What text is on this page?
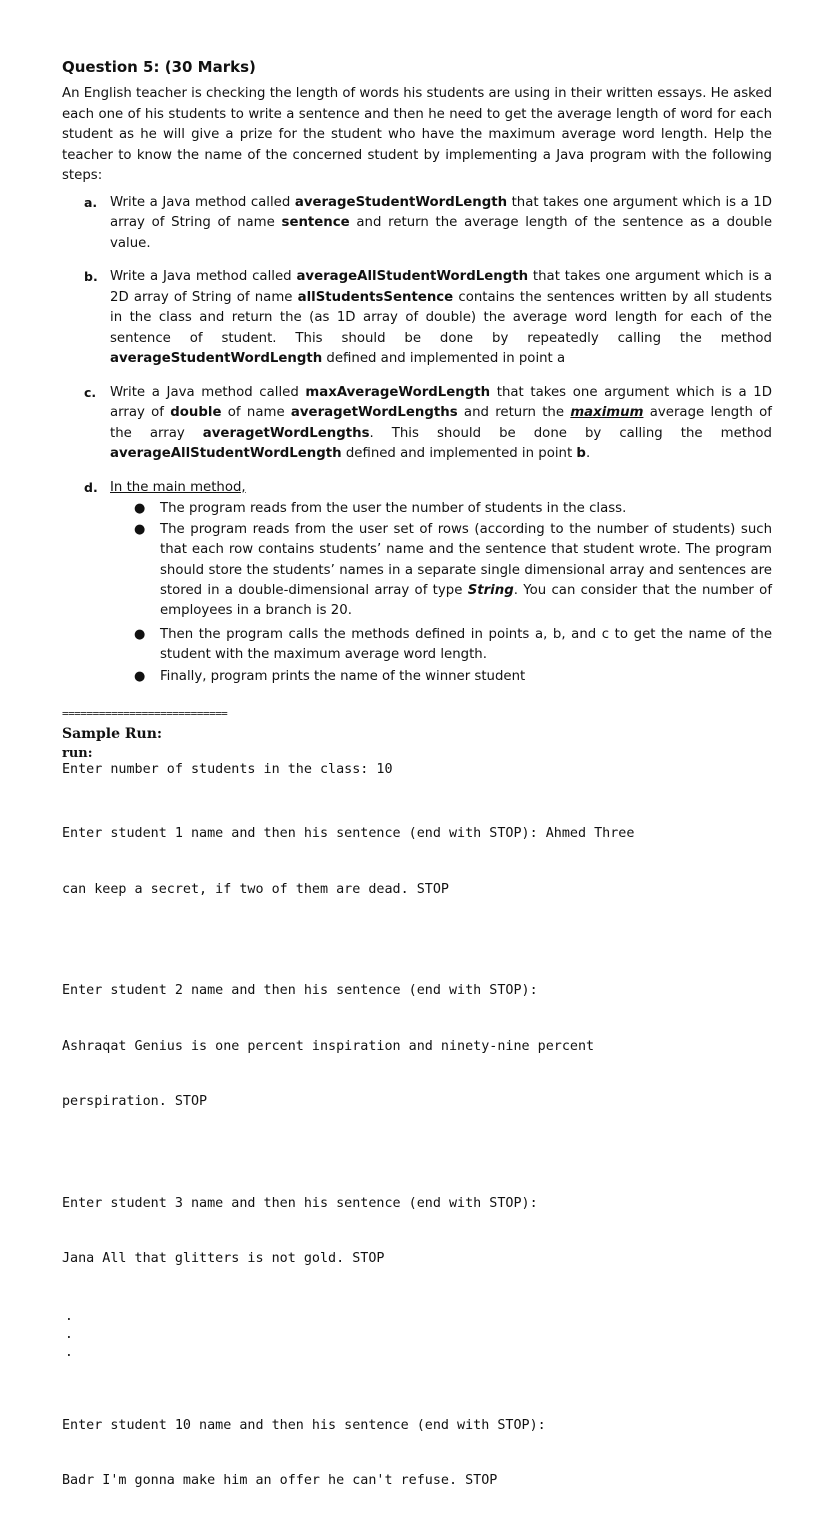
Question 5: (30 Marks)

An English teacher is checking the length of words his students are using in their written essays. He asked each one of his students to write a sentence and then he need to get the average length of word for each student as he will give a prize for the student who have the maximum average word length. Help the teacher to know the name of the concerned student by implementing a Java program with the following steps:

a. Write a Java method called averageStudentWordLength that takes one argument which is a 1D array of String of name sentence and return the average length of the sentence as a double value.
b. Write a Java method called averageAllStudentWordLength that takes one argument which is a 2D array of String of name allStudentsSentence contains the sentences written by all students in the class and return the (as 1D array of double) the average word length for each of the sentence of student. This should be done by repeatedly calling the method averageStudentWordLength defined and implemented in point a
c. Write a Java method called maxAverageWordLength that takes one argument which is a 1D array of double of name averagetWordLengths and return the maximum average length of the array averagetWordLengths. This should be done by calling the method averageAllStudentWordLength defined and implemented in point b.
d. In the main method,
● The program reads from the user the number of students in the class.
● The program reads from the user set of rows (according to the number of students) such that each row contains students’ name and the sentence that student wrote. The program should store the students’ names in a separate single dimensional array and sentences are stored in a double-dimensional array of type String. You can consider that the number of employees in a branch is 20.
● Then the program calls the methods defined in points a, b, and c to get the name of the student with the maximum average word length.
● Finally, program prints the name of the winner student
===========================
Sample Run:
run:
Enter number of students in the class: 10

Enter student 1 name and then his sentence (end with STOP): Ahmed Three

can keep a secret, if two of them are dead. STOP

Enter student 2 name and then his sentence (end with STOP):

Ashraqat Genius is one percent inspiration and ninety-nine percent

perspiration. STOP

Enter student 3 name and then his sentence (end with STOP):

Jana All that glitters is not gold. STOP

.
.
.

Enter student 10 name and then his sentence (end with STOP):

Badr I'm gonna make him an offer he can't refuse. STOP
